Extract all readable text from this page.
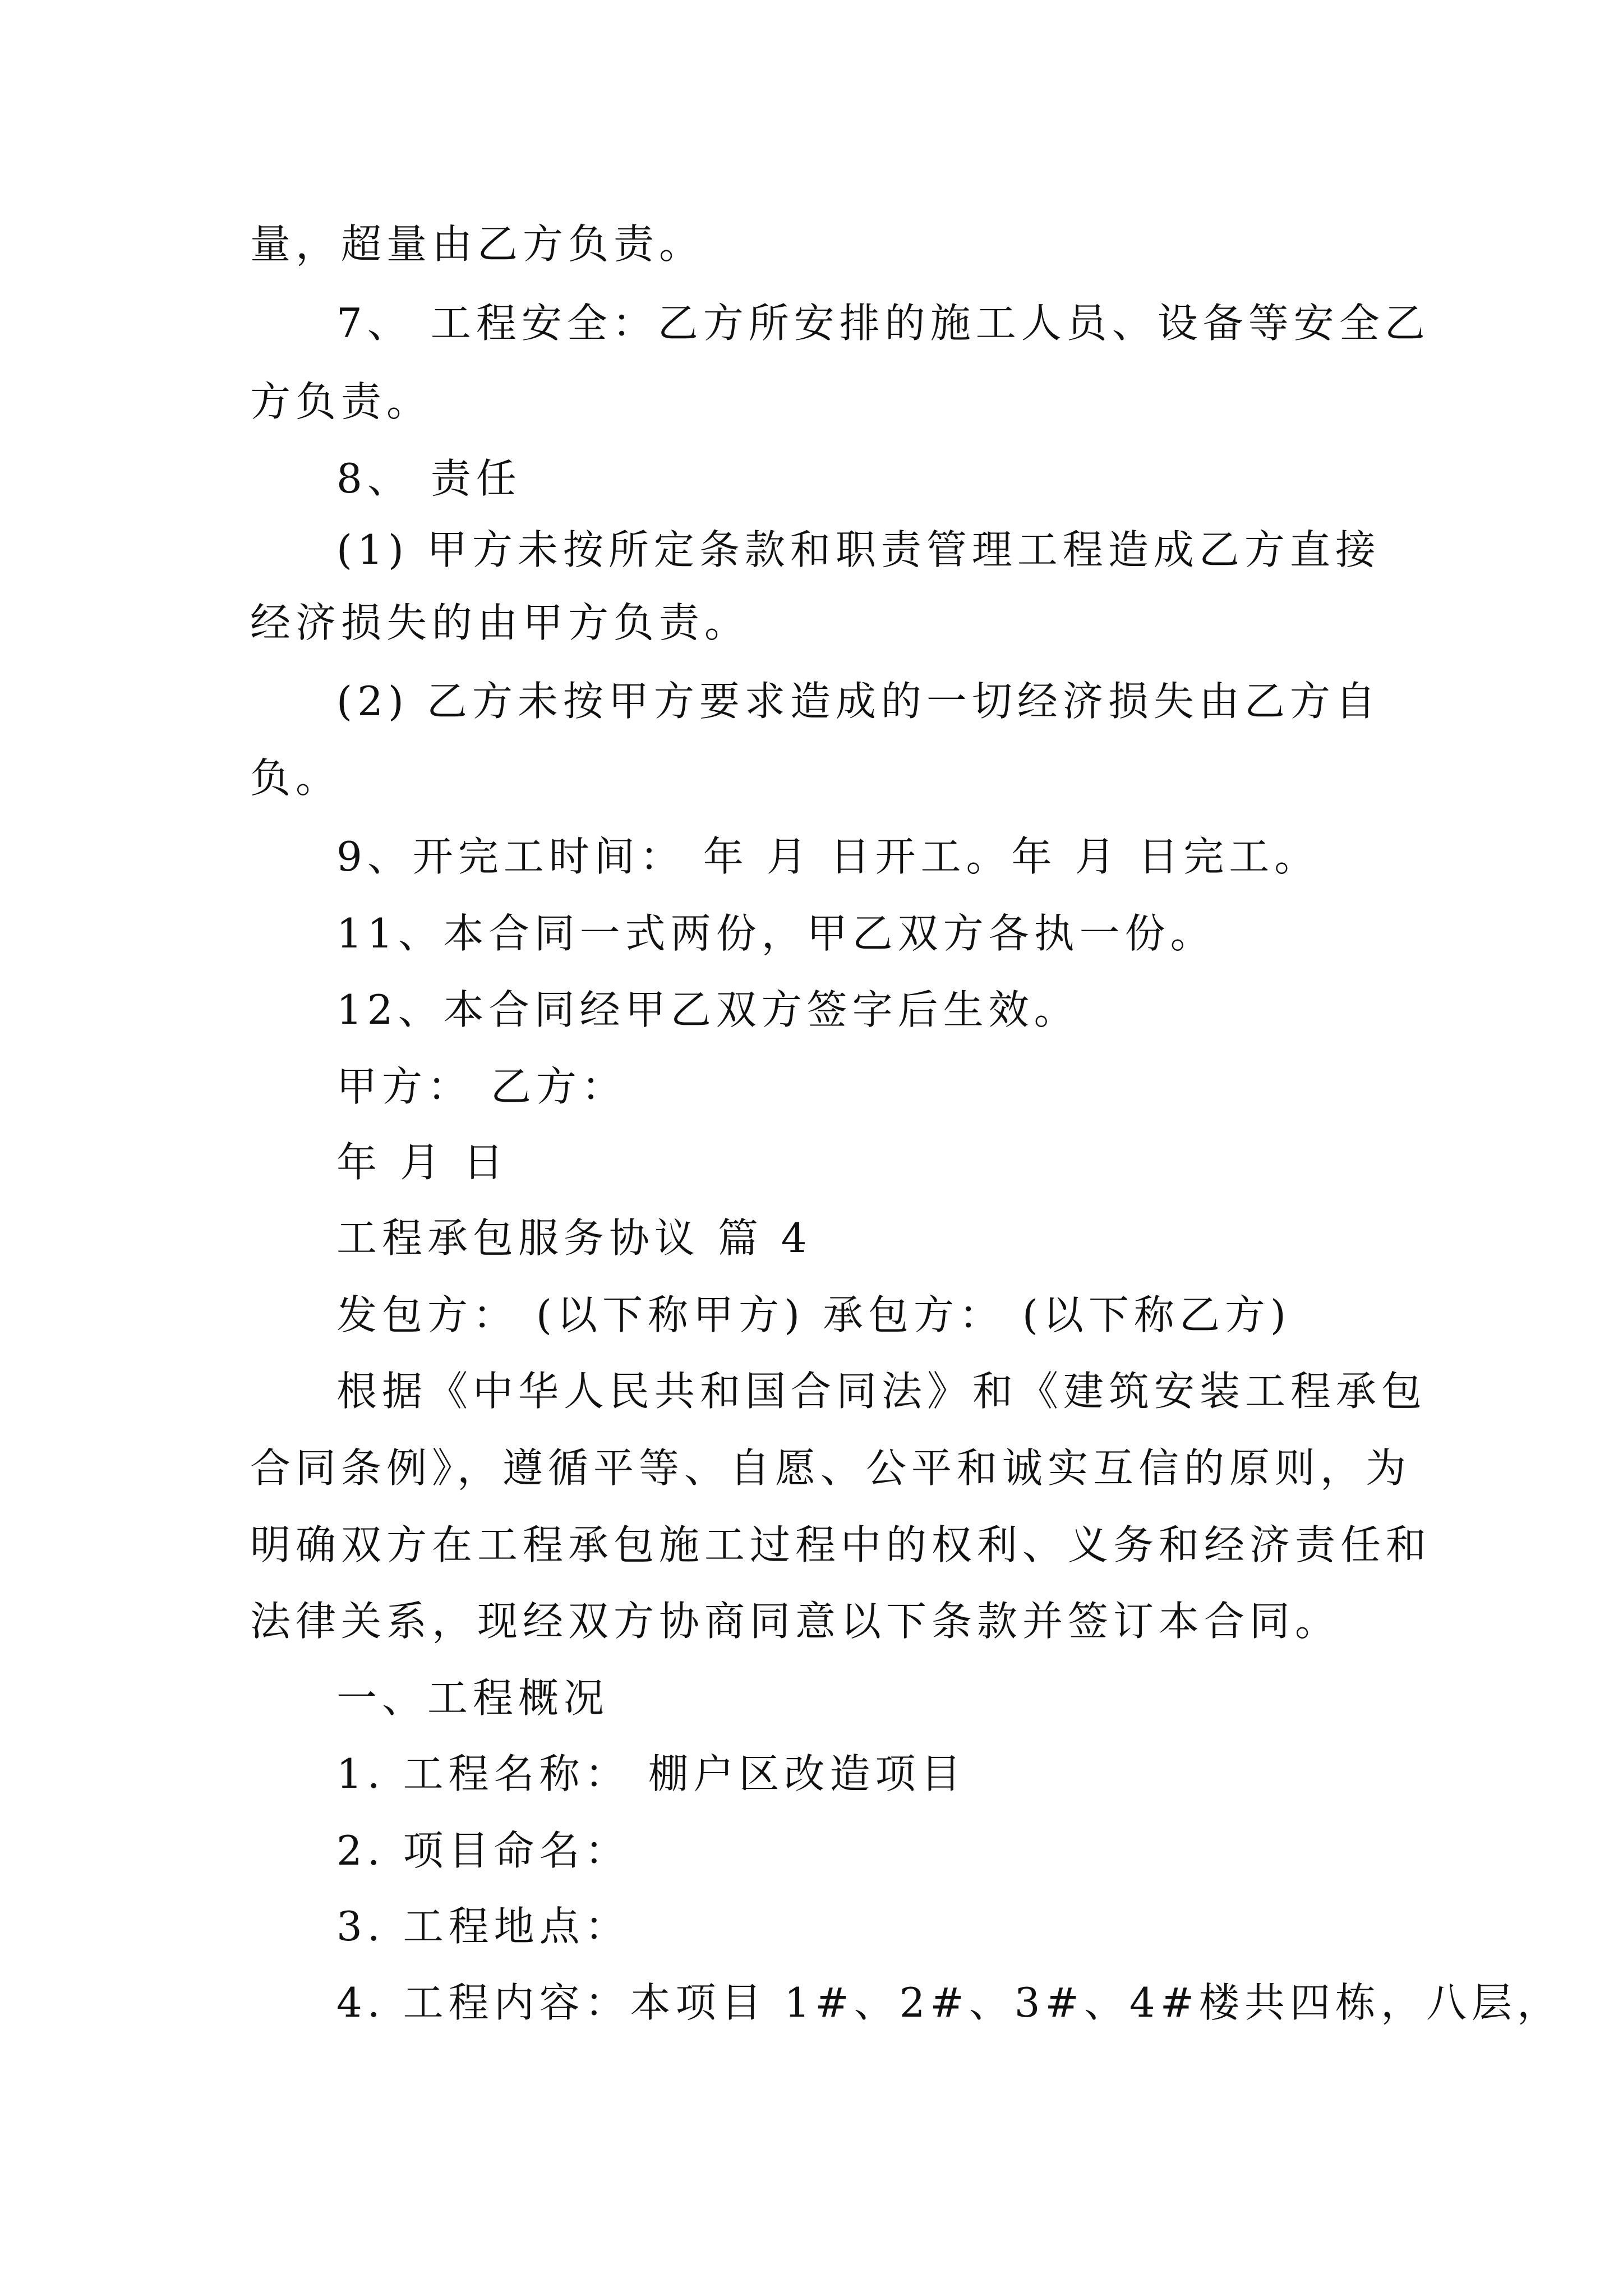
量，超量由乙方负责。
7、 工程安全：乙方所安排的施工人员、设备等安全乙
方负责。
8、 责任
(1) 甲方未按所定条款和职责管理工程造成乙方直接
经济损失的由甲方负责。
(2) 乙方未按甲方要求造成的一切经济损失由乙方自
负。
9、开完工时间： 年 月 日开工。年 月 日完工。
11、本合同一式两份，甲乙双方各执一份。
12、本合同经甲乙双方签字后生效。
甲方： 乙方：
年 月 日
工程承包服务协议 篇 4
发包方： (以下称甲方) 承包方： (以下称乙方)
根据《中华人民共和国合同法》和《建筑安装工程承包
合同条例》，遵循平等、自愿、公平和诚实互信的原则，为
明确双方在工程承包施工过程中的权利、义务和经济责任和
法律关系，现经双方协商同意以下条款并签订本合同。
一、工程概况
1. 工程名称： 棚户区改造项目
2. 项目命名：
3. 工程地点：
4. 工程内容：本项目 1#、2#、3#、4#楼共四栋，八层，
